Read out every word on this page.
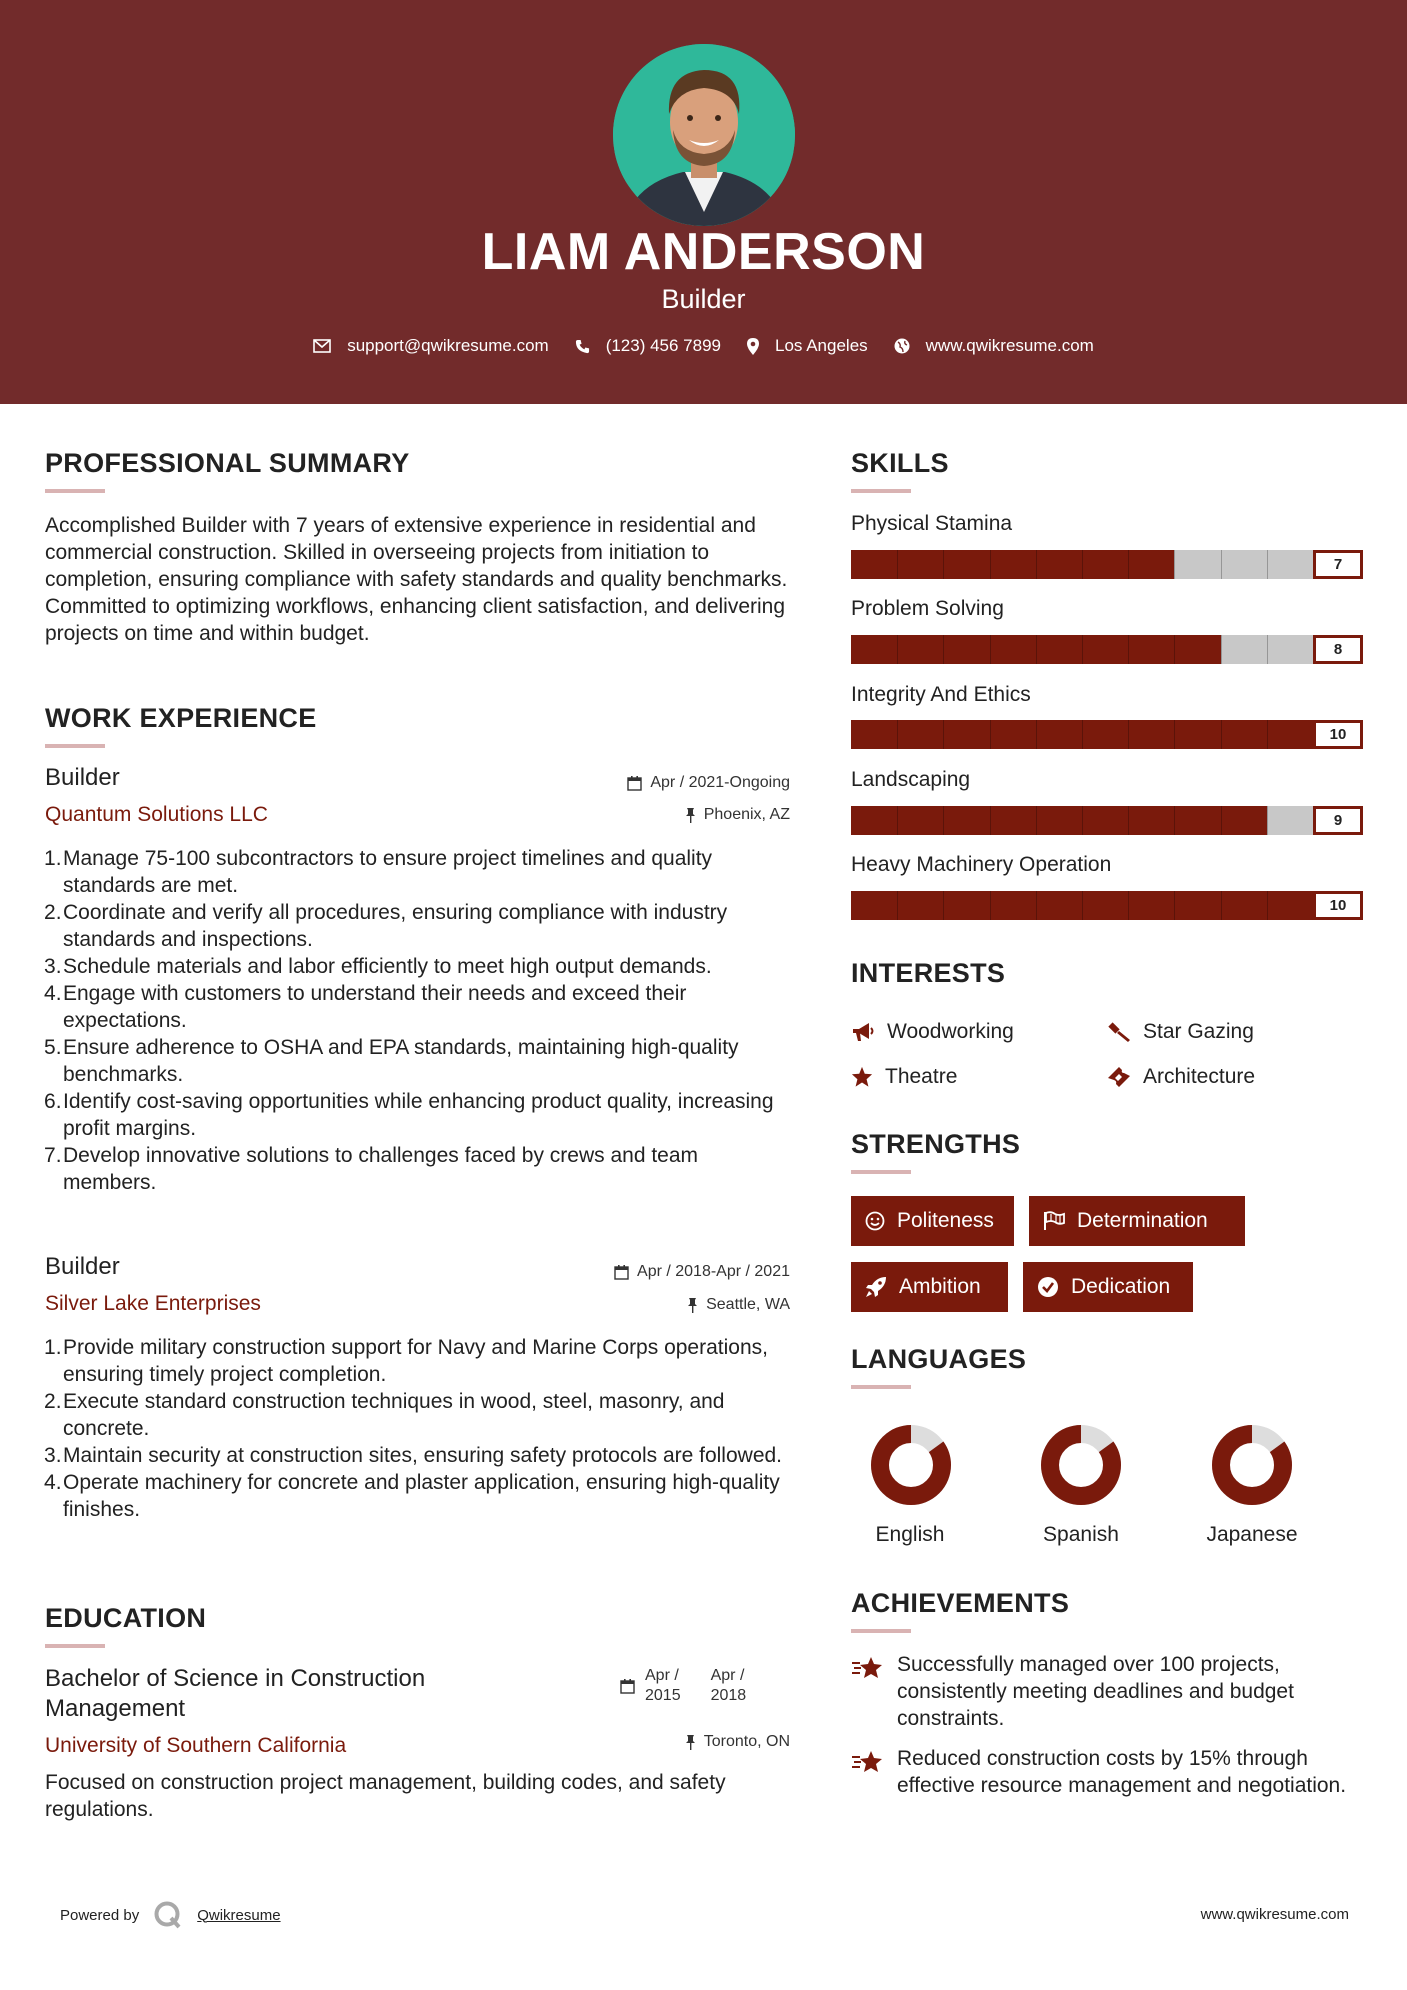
LIAM ANDERSON
Builder
support@qwikresume.com	(123) 456 7899	Los Angeles	www.qwikresume.com
PROFESSIONAL SUMMARY
Accomplished Builder with 7 years of extensive experience in residential and commercial construction. Skilled in overseeing projects from initiation to completion, ensuring compliance with safety standards and quality benchmarks. Committed to optimizing workflows, enhancing client satisfaction, and delivering projects on time and within budget.
WORK EXPERIENCE
Builder	Apr / 2021-Ongoing
Quantum Solutions LLC	Phoenix, AZ
Manage 75-100 subcontractors to ensure project timelines and quality standards are met.
Coordinate and verify all procedures, ensuring compliance with industry standards and inspections.
Schedule materials and labor efficiently to meet high output demands.
Engage with customers to understand their needs and exceed their expectations.
Ensure adherence to OSHA and EPA standards, maintaining high-quality benchmarks.
Identify cost-saving opportunities while enhancing product quality, increasing profit margins.
Develop innovative solutions to challenges faced by crews and team members.
Builder	Apr / 2018-Apr / 2021
Silver Lake Enterprises	Seattle, WA
Provide military construction support for Navy and Marine Corps operations, ensuring timely project completion.
Execute standard construction techniques in wood, steel, masonry, and concrete.
Maintain security at construction sites, ensuring safety protocols are followed.
Operate machinery for concrete and plaster application, ensuring high-quality finishes.
EDUCATION
Bachelor of Science in Construction
Management
Apr /
2015
Apr /
2018
University of Southern California	Toronto, ON
Focused on construction project management, building codes, and safety regulations.
SKILLS
Physical Stamina
7
Problem Solving
8
Integrity And Ethics
10
Landscaping
9
Heavy Machinery Operation
10
INTERESTS
Woodworking	Star Gazing
Theatre	Architecture
STRENGTHS
Politeness	Determination
Ambition	Dedication
LANGUAGES
English	Spanish	Japanese
ACHIEVEMENTS
Successfully managed over 100 projects, consistently meeting deadlines and budget constraints.
Reduced construction costs by 15% through effective resource management and negotiation.
Powered by	Qwikresume	www.qwikresume.com
